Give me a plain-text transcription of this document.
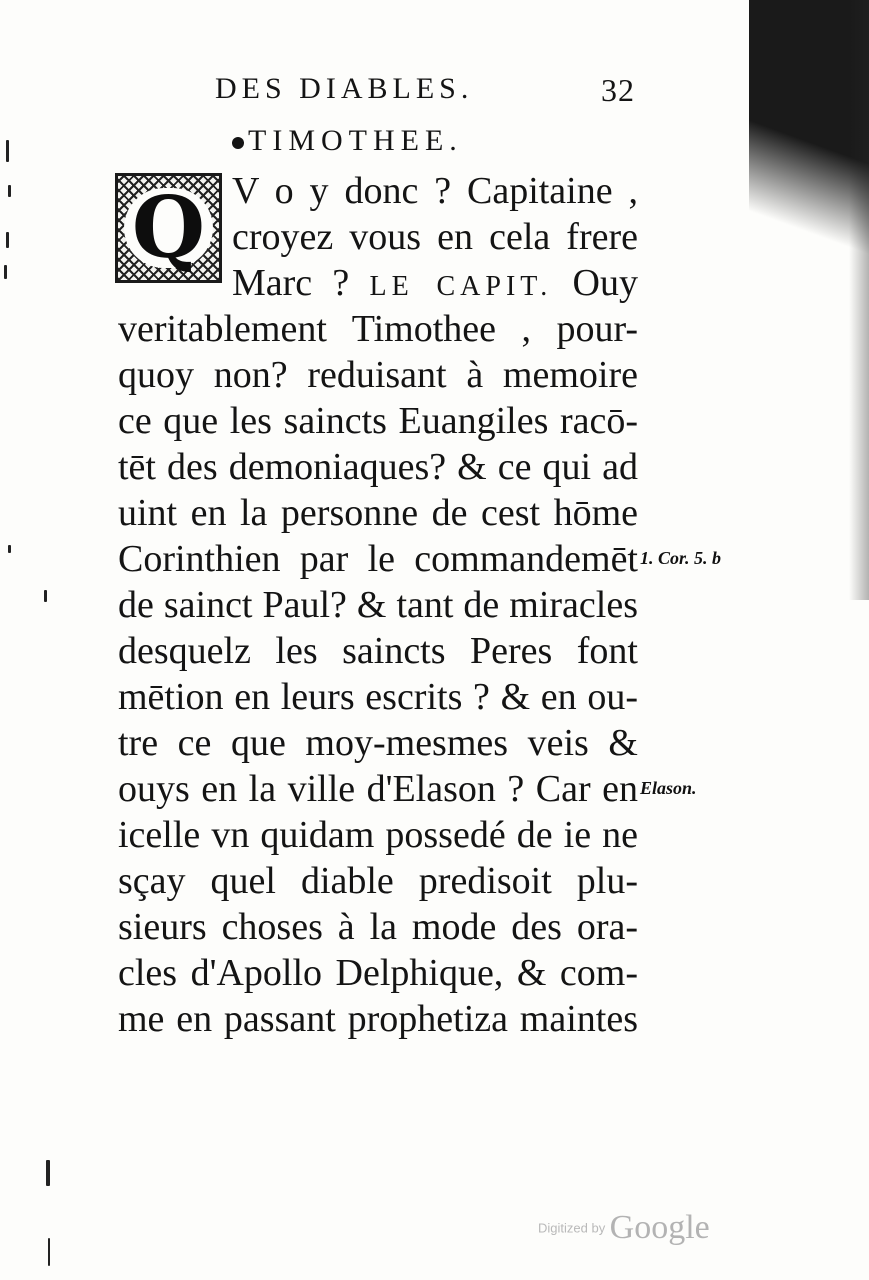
DES DIABLES.	32
TIMOTHEE.
Q V o y donc ? Capitaine ,
croyez vous en cela frere
Marc ? LE CAPIT. Ouy
veritablement Timothee , pour-
quoy non? reduisant à memoire
ce que les saincts Euangiles racō-
tēt des demoniaques? & ce qui ad
uint en la personne de cest hōme
Corinthien par le commandemēt
de sainct Paul? & tant de miracles
desquelz les saincts Peres font
mētion en leurs escrits ? & en ou-
tre ce que moy-mesmes veis &
ouys en la ville d'Elason ? Car en
icelle vn quidam possedé de ie ne
sçay quel diable predisoit plu-
sieurs choses à la mode des ora-
cles d'Apollo Delphique, & com-
me en passant prophetiza maintes
1. Cor. 5. b
Elason.
Digitized by Google
